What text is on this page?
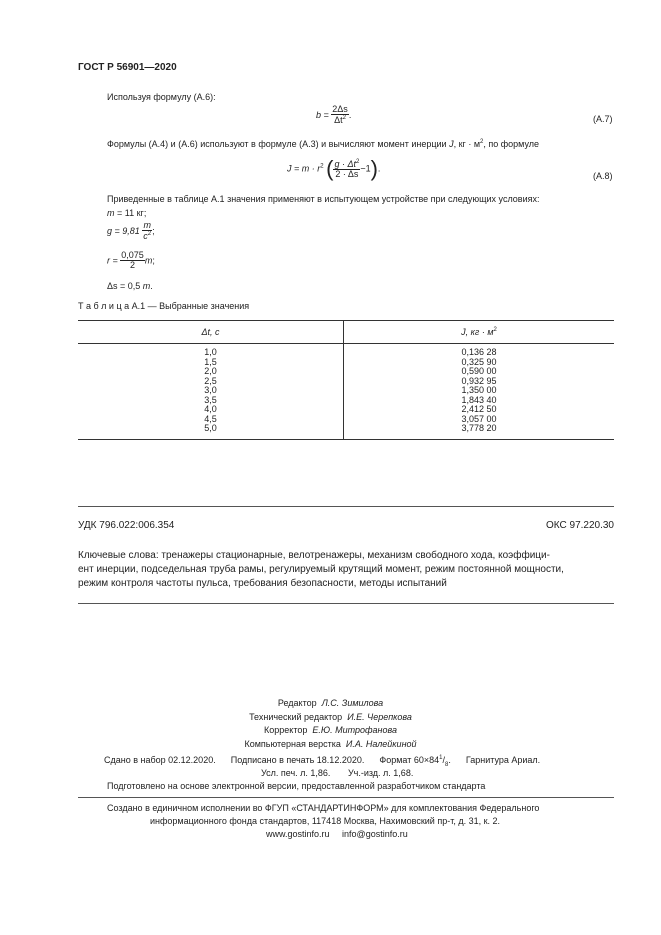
ГОСТ Р 56901—2020
Используя формулу (А.6):
$b = \frac{2\Delta s}{\Delta t^2}$ .	(А.7)
Формулы (А.4) и (А.6) используют в формуле (А.3) и вычисляют момент инерции J, кг · $м^2$, по формуле
$J = m \cdot r^2$ ( $\frac{g \cdot \Delta t^2}{2 \cdot \Delta s} -1$).
(А.8)
Приведенные в таблице А.1 значения применяют в испытующем устройстве при следующих условиях:
m = 11 кг;
$g = 9,81 \frac{m}{c^2}$ ;
$r = \frac{0,075}{2} m$;
Δs = 0,5 m.
Т а б л и ц а А.1 — Выбранные значения
Δt, с	J, кг · $м^2$
1,0	0,136 28
1,5	0,325 90
2,0	0,590 00
2,5	0,932 95
3,0	1,350 00
3,5	1,843 40
4,0	2,412 50
4,5	3,057 00
5,0	3,778 20
УДК 796.022:006.354	ОКС 97.220.30
Ключевые слова: тренажеры стационарные, велотренажеры, механизм свободного хода, коэффици-
ент инерции, подседельная труба рамы, регулируемый крутящий момент, режим постоянной мощности,
режим контроля частоты пульса, требования безопасности, методы испытаний
Редактор Л.С. Зимилова
Технический редактор И.Е. Черепкова
Корректор Е.Ю. Митрофанова
Компьютерная верстка И.А. Налейкиной
Сдано в набор 02.12.2020. Подписано в печать 18.12.2020. Формат $60\times 84^1/_8$. Гарнитура Ариал.
Усл. печ. л. 1,86. Уч.-изд. л. 1,68.
Подготовлено на основе электронной версии, предоставленной разработчиком стандарта
Создано в единичном исполнении во ФГУП «СТАНДАРТИНФОРМ» для комплектования Федерального
информационного фонда стандартов, 117418 Москва, Нахимовский пр-т, д. 31, к. 2.
www.gostinfo.ru info@gostinfo.ru
